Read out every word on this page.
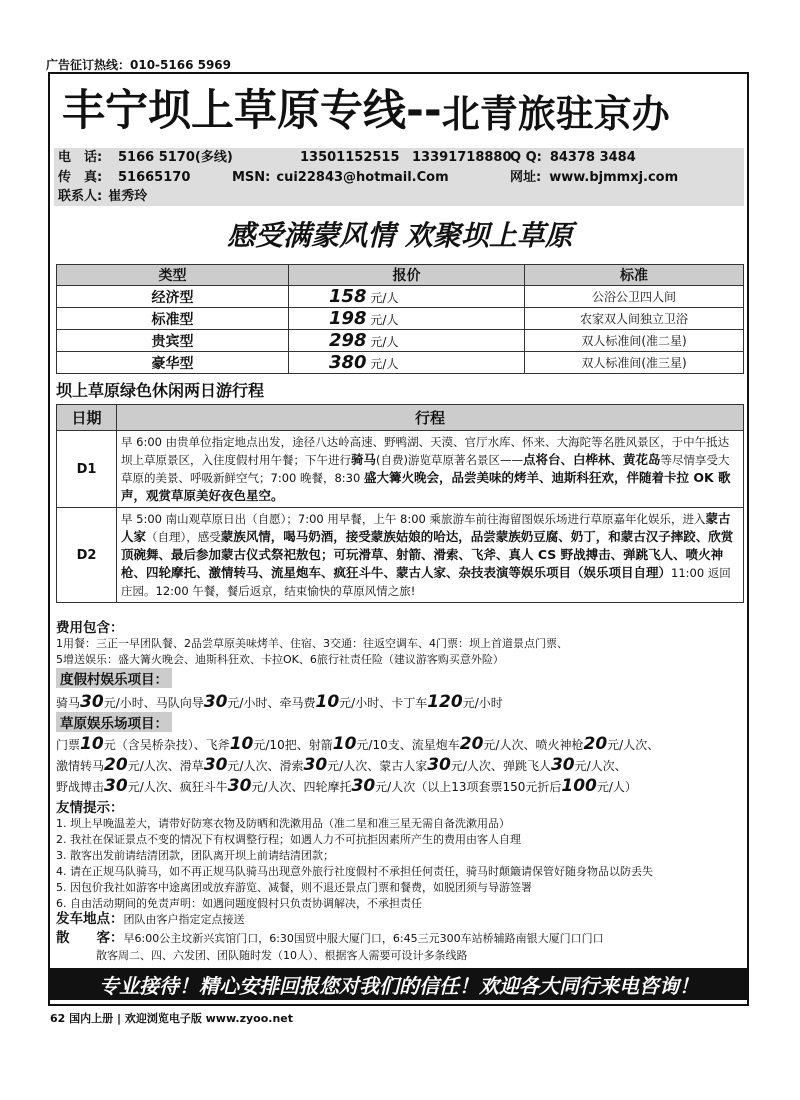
广告征订热线：010-5166 5969
丰宁坝上草原专线-- 北青旅驻京办
电　话: 5166 5170(多线)	13501152515 13391718880
Q Q: 84378 3484
传　真: 51665170	MSN: cui22843@hotmail.Com	网址: www.bjmmxj.com
联系人: 崔秀玲
感受满蒙风情 欢聚坝上草原
类型	报价	标准
经济型	158 元/人	公浴公卫四人间
标准型	198 元/人	农家双人间独立卫浴
贵宾型	298 元/人	双人标准间(准二星)
豪华型	380 元/人	双人标准间(准三星)
坝上草原绿色休闲两日游行程
日期	行程
D1	早 6:00 由贵单位指定地点出发，途径八达岭高速、野鸭湖、天漠、官厅水库、怀来、大海陀等名胜风景区，于中午抵达坝上草原景区，入住度假村用午餐；下午进行骑马(自费)游览草原著名景区——点将台、白桦林、黄花岛等尽情享受大草原的美景、呼吸新鲜空气；7:00 晚餐，8:30 盛大篝火晚会，品尝美味的烤羊、迪斯科狂欢，伴随着卡拉 OK 歌声，观赏草原美好夜色星空。
D2	早 5:00 南山观草原日出（自愿）；7:00 用早餐，上午 8:00 乘旅游车前往海留图娱乐场进行草原嘉年化娱乐，进入蒙古人家（自理），感受蒙族风情，喝马奶酒，接受蒙族姑娘的哈达，品尝蒙族奶豆腐、奶丁，和蒙古汉子摔跤、欣赏顶碗舞、最后参加蒙古仪式祭祀敖包；可玩滑草、射箭、滑索、飞斧、真人 CS 野战搏击、弹跳飞人、喷火神枪、四轮摩托、激情转马、流星炮车、疯狂斗牛、蒙古人家、杂技表演等娱乐项目（娱乐项目自理）11:00 返回庄园。12:00 午餐，餐后返京，结束愉快的草原风情之旅!
费用包含：
1用餐：三正一早团队餐、2品尝草原美味烤羊、住宿、3交通：往返空调车、4门票：坝上首道景点门票、
5增送娱乐：盛大篝火晚会、迪斯科狂欢、卡拉OK、6旅行社责任险（建议游客购买意外险）
度假村娱乐项目：
骑马30元/小时、马队向导30元/小时、牵马费10元/小时、卡丁车120元/小时
草原娱乐场项目：
门票10元（含吴桥杂技）、飞斧10元/10把、射箭10元/10支、流星炮车20元/人次、喷火神枪20元/人次、
激情转马20元/人次、滑草30元/人次、滑索30元/人次、蒙古人家30元/人次、弹跳飞人30元/人次、
野战博击30元/人次、疯狂斗牛30元/人次、四轮摩托30元/人次（以上13项套票150元折后100元/人）
友情提示：
1. 坝上早晚温差大，请带好防寒衣物及防晒和洗漱用品（准二星和准三星无需自备洗漱用品）
2. 我社在保证景点不变的情况下有权调整行程；如遇人力不可抗拒因素所产生的费用由客人自理
3. 散客出发前请结清团款，团队离开坝上前请结清团款；
4. 请在正规马队骑马，如不再正规马队骑马出现意外旅行社度假村不承担任何责任，骑马时颠簸请保管好随身物品以防丢失
5. 因包价我社如游客中途离团或放弃游览、减餐，则不退还景点门票和餐费，如脱团须与导游签署
6. 自由活动期间的免责声明：如遇问题度假村只负责协调解决，不承担责任
发车地点：团队由客户指定定点接送
散　　客：早6:00公主坟新兴宾馆门口，6:30国贸中服大厦门口，6:45三元300车站桥辅路南银大厦门口门口
散客周二、四、六发团、团队随时发（10人）、根据客人需要可设计多条线路
专业接待！精心安排回报您对我们的信任！欢迎各大同行来电咨询！
62 国内上册 | 欢迎浏览电子版 www.zyoo.net
